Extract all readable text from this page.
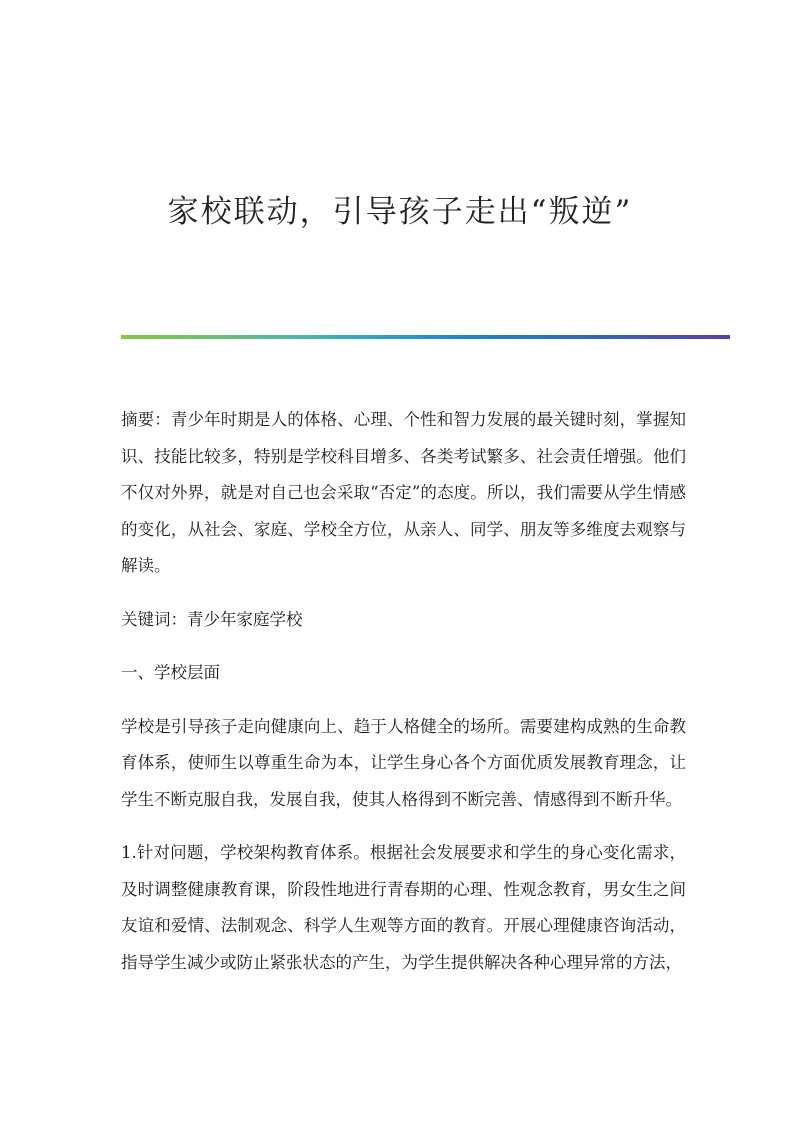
家校联动，引导孩子走出“叛逆”

摘要：青少年时期是人的体格、心理、个性和智力发展的最关键时刻，掌握知识、技能比较多，特别是学校科目增多、各类考试繁多、社会责任增强。他们不仅对外界，就是对自己也会采取“否定”的态度。所以，我们需要从学生情感的变化，从社会、家庭、学校全方位，从亲人、同学、朋友等多维度去观察与解读。

关键词：青少年家庭学校

一、学校层面

学校是引导孩子走向健康向上、趋于人格健全的场所。需要建构成熟的生命教育体系，使师生以尊重生命为本，让学生身心各个方面优质发展教育理念，让学生不断克服自我，发展自我，使其人格得到不断完善、情感得到不断升华。

1.针对问题，学校架构教育体系。根据社会发展要求和学生的身心变化需求，及时调整健康教育课，阶段性地进行青春期的心理、性观念教育，男女生之间友谊和爱情、法制观念、科学人生观等方面的教育。开展心理健康咨询活动，指导学生减少或防止紧张状态的产生，为学生提供解决各种心理异常的方法，
